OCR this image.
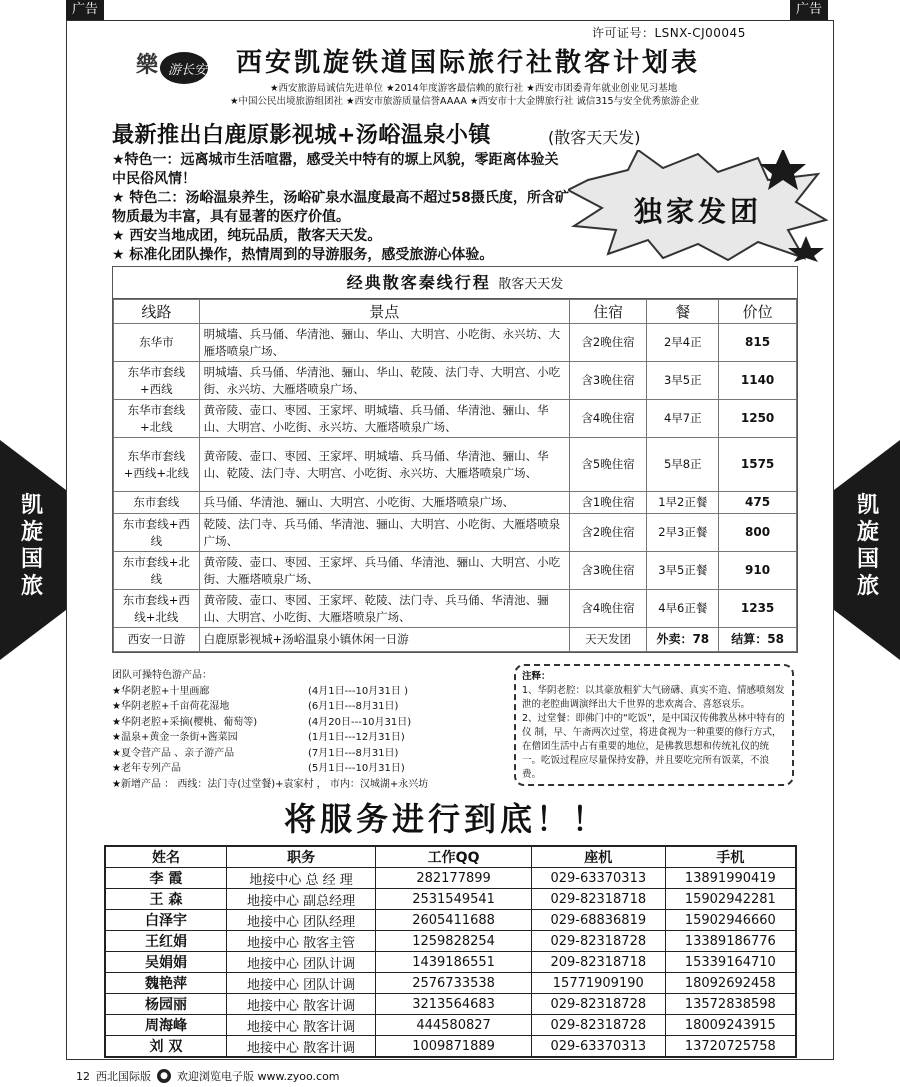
广告	广告
凯旋国旅
凯旋国旅
许可证号：LSNX-CJ00045
樂 游长安 西安凯旋铁道国际旅行社散客计划表
★西安旅游局诚信先进单位 ★2014年度游客最信赖的旅行社 ★西安市团委青年就业创业见习基地
★中国公民出境旅游组团社 ★西安市旅游质量信誉AAAA ★西安市十大金牌旅行社 诚信315与安全优秀旅游企业
最新推出白鹿原影视城+汤峪温泉小镇	(散客天天发)

★特色一：远离城市生活喧嚣，感受关中特有的塬上风貌，零距离体验关中民俗风情！

★ 特色二：汤峪温泉养生，汤峪矿泉水温度最高不超过58摄氏度，所含矿物质最为丰富，具有显著的医疗价值。

★ 西安当地成团，纯玩品质，散客天天发。

★ 标准化团队操作，热情周到的导游服务，感受旅游心体验。

独家发团
经典散客秦线行程 散客天天发
线路	景点	住宿	餐	价位
东华市	明城墙、兵马俑、华清池、骊山、华山、大明宫、小吃街、永兴坊、大雁塔喷泉广场、	含2晚住宿	2早4正	815
东华市套线+西线	明城墙、兵马俑、华清池、骊山、华山、乾陵、法门寺、大明宫、小吃街、永兴坊、大雁塔喷泉广场、	含3晚住宿	3早5正	1140
东华市套线+北线	黄帝陵、壶口、枣园、王家坪、明城墙、兵马俑、华清池、骊山、华山、大明宫、小吃街、永兴坊、大雁塔喷泉广场、	含4晚住宿	4早7正	1250
东华市套线+西线+北线	黄帝陵、壶口、枣园、王家坪、明城墙、兵马俑、华清池、骊山、华山、乾陵、法门寺、大明宫、小吃街、永兴坊、大雁塔喷泉广场、	含5晚住宿	5早8正	1575
东市套线	兵马俑、华清池、骊山、大明宫、小吃街、大雁塔喷泉广场、	含1晚住宿	1早2正餐	475
东市套线+西线	乾陵、法门寺、兵马俑、华清池、骊山、大明宫、小吃街、大雁塔喷泉广场、	含2晚住宿	2早3正餐	800
东市套线+北线	黄帝陵、壶口、枣园、王家坪、兵马俑、华清池、骊山、大明宫、小吃街、大雁塔喷泉广场、	含3晚住宿	3早5正餐	910
东市套线+西线+北线	黄帝陵、壶口、枣园、王家坪、乾陵、法门寺、兵马俑、华清池、骊山、大明宫、小吃街、大雁塔喷泉广场、	含4晚住宿	4早6正餐	1235
西安一日游	白鹿原影视城+汤峪温泉小镇休闲一日游	天天发团	外卖：78	结算：58
团队可操特色游产品：
★华阴老腔+十里画廊	(4月1日---10月31日 )
★华阴老腔+千亩荷花湿地	(6月1日---8月31日)
★华阴老腔+采摘(樱桃、葡萄等)	(4月20日---10月31日)
★温泉+黄金一条街+酱菜园	(1月1日---12月31日)
★夏令营产品 、亲子游产品	(7月1日---8月31日)
★老年专列产品	(5月1日---10月31日)
★新增产品 ： 西线：法门寺(过堂餐)+袁家村 ， 市内：汉城湖+永兴坊
注释：
1、华阴老腔：以其豪放粗犷大气磅礴、真实不造、情感喷刻发泄的老腔曲调演绎出大千世界的悲欢离合、喜怒哀乐。
2、过堂餐：即佛门中的“吃饭”，是中国汉传佛教丛林中特有的仪 制，早、午斋两次过堂，将进食视为一种重要的修行方式，在僧团生活中占有重要的地位，是佛教思想和传统礼仪的统一。吃饭过程应尽量保持安静，并且要吃完所有饭菜，不浪费。
将服务进行到底！！
姓名	职务	工作QQ	座机	手机
李 霞	地接中心 总 经 理	282177899	029-63370313	13891990419
王 森	地接中心 副总经理	2531549541	029-82318718	15902942281
白泽宇	地接中心 团队经理	2605411688	029-68836819	15902946660
王红娟	地接中心 散客主管	1259828254	029-82318728	13389186776
吴娟娟	地接中心 团队计调	1439186551	209-82318718	15339164710
魏艳萍	地接中心 团队计调	2576733538	15771909190	18092692458
杨园丽	地接中心 散客计调	3213564683	029-82318728	13572838598
周海峰	地接中心 散客计调	444580827	029-82318728	18009243915
刘 双	地接中心 散客计调	1009871889	029-63370313	13720725758
12 西北国际版	● 欢迎浏览电子版 www.zyoo.com
